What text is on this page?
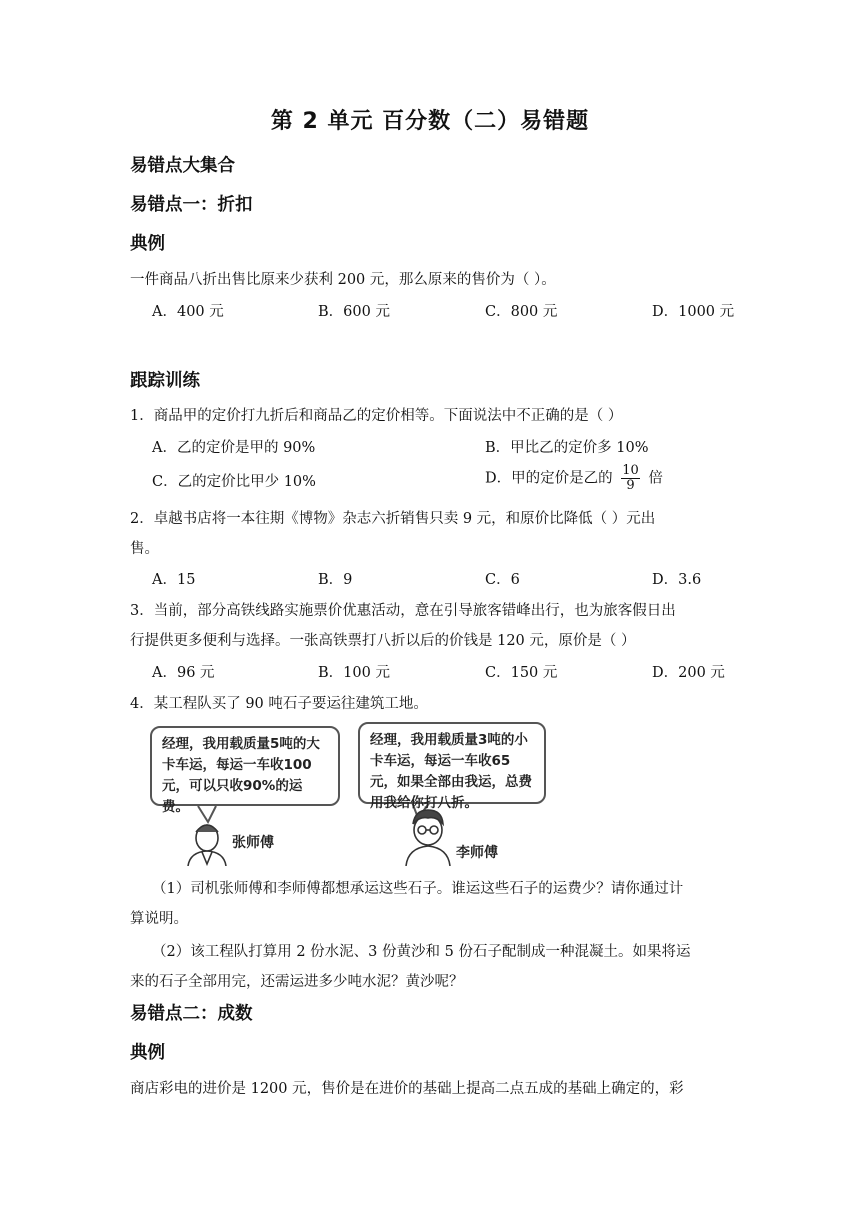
第 2 单元 百分数（二）易错题
易错点大集合
易错点一：折扣
典例
一件商品八折出售比原来少获利 200 元，那么原来的售价为（ ）。
A．400 元	B．600 元	C．800 元	D．1000 元
跟踪训练
1．商品甲的定价打九折后和商品乙的定价相等。下面说法中不正确的是（ ）
A．乙的定价是甲的 90%	B．甲比乙的定价多 10%
C．乙的定价比甲少 10%	D．甲的定价是乙的 $\frac{10}{9}$ 倍
2．卓越书店将一本往期《博物》杂志六折销售只卖 9 元，和原价比降低（ ）元出
售。
A．15	B．9	C．6	D．3.6
3．当前，部分高铁线路实施票价优惠活动，意在引导旅客错峰出行，也为旅客假日出
行提供更多便利与选择。一张高铁票打八折以后的价钱是 120 元，原价是（ ）
A．96 元	B．100 元	C．150 元	D．200 元
4．某工程队买了 90 吨石子要运往建筑工地。
经理，我用载质量5吨的大卡车运，每运一车收100元，可以只收90%的运费。
经理，我用载质量3吨的小卡车运，每运一车收65元，如果全部由我运，总费用我给你打八折。
张师傅
李师傅
（1）司机张师傅和李师傅都想承运这些石子。谁运这些石子的运费少？请你通过计
算说明。
（2）该工程队打算用 2 份水泥、3 份黄沙和 5 份石子配制成一种混凝土。如果将运
来的石子全部用完，还需运进多少吨水泥？黄沙呢？
易错点二：成数
典例
商店彩电的进价是 1200 元，售价是在进价的基础上提高二点五成的基础上确定的，彩
